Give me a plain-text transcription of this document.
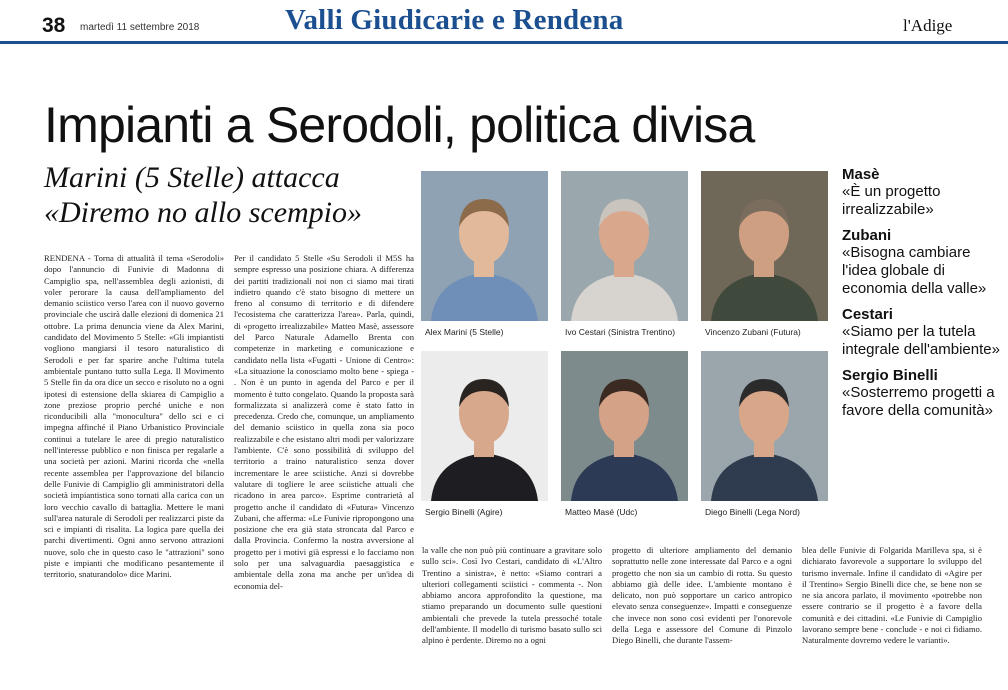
38 martedì 11 settembre 2018	Valli Giudicarie e Rendena	l'Adige
Impianti a Serodoli, politica divisa
Marini (5 Stelle) attacca
«Diremo no allo scempio»
RENDENA - Torna di attualità il tema «Serodoli» dopo l'annuncio di Funivie di Madonna di Campiglio spa, nell'assemblea degli azionisti, di voler perorare la causa dell'ampliamento del demanio sciistico verso l'area con il nuovo governo provinciale che uscirà dalle elezioni di domenica 21 ottobre. La prima denuncia viene da Alex Marini, candidato del Movimento 5 Stelle: «Gli impiantisti vogliono mangiarsi il tesoro naturalistico di Serodoli e per far sparire anche l'ultima tutela ambientale puntano tutto sulla Lega. Il Movimento 5 Stelle fin da ora dice un secco e risoluto no a ogni ipotesi di estensione della skiarea di Campiglio a zone preziose proprio perché uniche e non riconducibili alla "monocultura" dello sci e ci impegna affinché il Piano Urbanistico Provinciale continui a tutelare le aree di pregio naturalistico nell'interesse pubblico e non finisca per regalarle a una società per azioni. Marini ricorda che «nella recente assemblea per l'approvazione del bilancio delle Funivie di Campiglio gli amministratori della società impiantistica sono tornati alla carica con un loro vecchio cavallo di battaglia. Mettere le mani sull'area naturale di Serodoli per realizzarci piste da sci e impianti di risalita. La logica pare quella dei parchi divertimenti. Ogni anno servono attrazioni nuove, solo che in questo caso le "attrazioni" sono piste e impianti che modificano pesantemente il territorio, snaturandolo» dice Marini.
Per il candidato 5 Stelle «Su Serodoli il M5S ha sempre espresso una posizione chiara. A differenza dei partiti tradizionali noi non ci siamo mai tirati indietro quando c'è stato bisogno di mettere un freno al consumo di territorio e di difendere l'ecosistema che caratterizza l'area». Parla, quindi, di «progetto irrealizzabile» Matteo Masè, assessore del Parco Naturale Adamello Brenta con competenze in marketing e comunicazione e candidato nella lista «Fugatti - Unione di Centro»: «La situazione la conosciamo molto bene - spiega - . Non è un punto in agenda del Parco e per il momento è tutto congelato. Quando la proposta sarà formalizzata si analizzerà come è stato fatto in precedenza. Credo che, comunque, un ampliamento del demanio sciistico in quella zona sia poco realizzabile e che esistano altri modi per valorizzare l'ambiente. C'è sono possibilità di sviluppo del territorio a traino naturalistico senza dover incrementare le aree sciistiche. Anzi si dovrebbe valutare di togliere le aree sciistiche attuali che ricadono in area parco». Esprime contrarietà al progetto anche il candidato di «Futura» Vincenzo Zubani, che afferma: «Le Funivie ripropongono una posizione che era già stata stroncata dal Parco e dalla Provincia. Confermo la nostra avversione al progetto per i motivi già espressi e lo facciamo non solo per una salvaguardia paesaggistica e ambientale della zona ma anche per un'idea di economia del-
la valle che non può più continuare a gravitare solo sullo sci». Così Ivo Cestari, candidato di «L'Altro Trentino a sinistra», è netto: «Siamo contrari a ulteriori collegamenti sciistici - commenta -. Non abbiamo ancora approfondito la questione, ma stiamo preparando un documento sulle questioni ambientali che prevede la tutela pressoché totale dell'ambiente. Il modello di turismo basato sullo sci alpino è perdente. Diremo no a ogni
progetto di ulteriore ampliamento del demanio soprattutto nelle zone interessate dal Parco e a ogni progetto che non sia un cambio di rotta. Su questo abbiamo già delle idee. L'ambiente montano è delicato, non può sopportare un carico antropico elevato senza conseguenze». Impatti e conseguenze che invece non sono così evidenti per l'onorevole della Lega e assessore del Comune di Pinzolo Diego Binelli, che durante l'assem-
blea delle Funivie di Folgarida Marilleva spa, si è dichiarato favorevole a supportare lo sviluppo del turismo invernale. Infine il candidato di «Agire per il Trentino» Sergio Binelli dice che, se bene non se ne sia ancora parlato, il movimento «potrebbe non essere contrario se il progetto è a favore della comunità e dei cittadini. «Le Funivie di Campiglio lavorano sempre bene - conclude - e noi ci fidiamo. Naturalmente dovremo vedere le varianti».
Alex Marini (5 Stelle)	Ivo Cestari (Sinistra Trentino)	Vincenzo Zubani (Futura)
Sergio Binelli (Agire)	Matteo Masé (Udc)	Diego Binelli (Lega Nord)
Masè
«È un progetto irrealizzabile»
Zubani
«Bisogna cambiare l'idea globale di economia della valle»
Cestari
«Siamo per la tutela integrale dell'ambiente»
Sergio Binelli
«Sosterremo progetti a favore della comunità»
